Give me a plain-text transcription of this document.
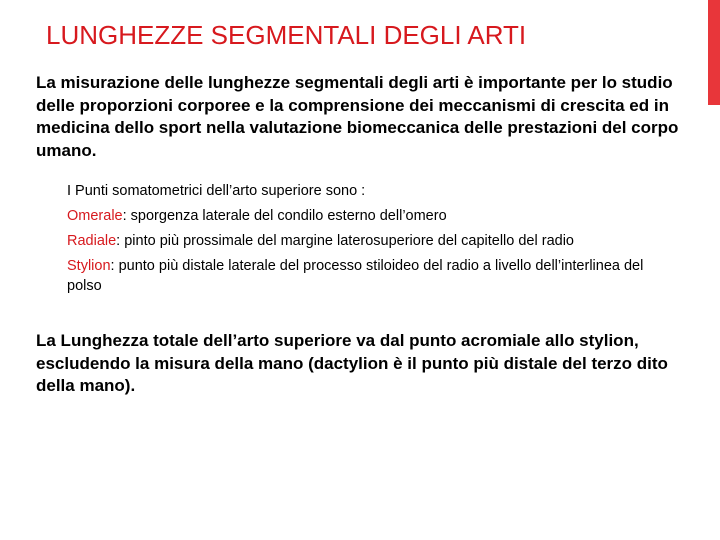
LUNGHEZZE SEGMENTALI DEGLI ARTI

La misurazione delle lunghezze segmentali degli arti è importante per lo studio delle proporzioni corporee e la comprensione dei meccanismi di crescita ed in medicina dello sport nella valutazione biomeccanica delle prestazioni del corpo umano.

I Punti somatometrici dell’arto superiore sono :

Omerale: sporgenza laterale del condilo esterno dell’omero

Radiale: pinto più prossimale del margine laterosuperiore del capitello del radio

Stylion: punto più distale laterale del processo stiloideo del radio a livello dell’interlinea del polso

La Lunghezza totale dell’arto superiore va dal punto acromiale allo stylion, escludendo la misura della mano (dactylion è il punto più distale del terzo dito della mano).
